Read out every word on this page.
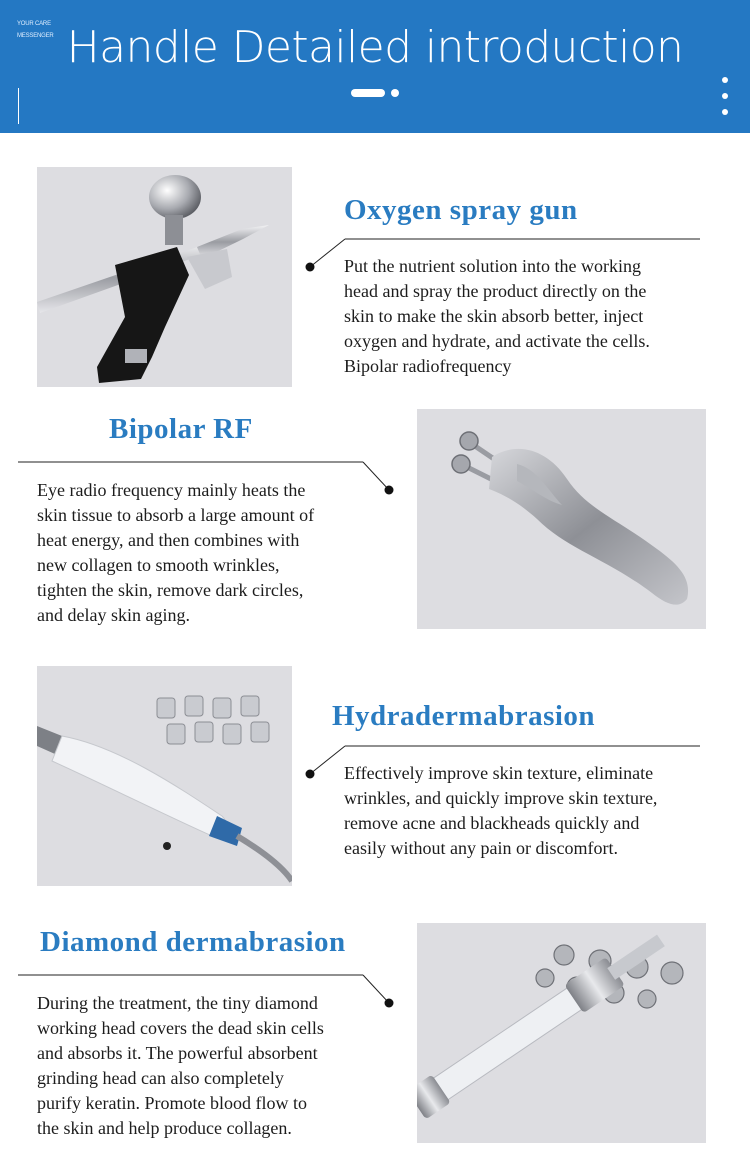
YOUR CARE
MESSENGER Handle Detailed introduction
Oxygen spray gun

Put the nutrient solution into the working

head and spray the product directly on the

skin to make the skin absorb better, inject

oxygen and hydrate, and activate the cells.

Bipolar radiofrequency

Bipolar RF

Eye radio frequency mainly heats the

skin tissue to absorb a large amount of

heat energy, and then combines with

new collagen to smooth wrinkles,

tighten the skin, remove dark circles,

and delay skin aging.

Hydradermabrasion

Effectively improve skin texture, eliminate

wrinkles, and quickly improve skin texture,

remove acne and blackheads quickly and

easily without any pain or discomfort.

Diamond dermabrasion

During the treatment, the tiny diamond

working head covers the dead skin cells

and absorbs it. The powerful absorbent

grinding head can also completely

purify keratin. Promote blood flow to

the skin and help produce collagen.
